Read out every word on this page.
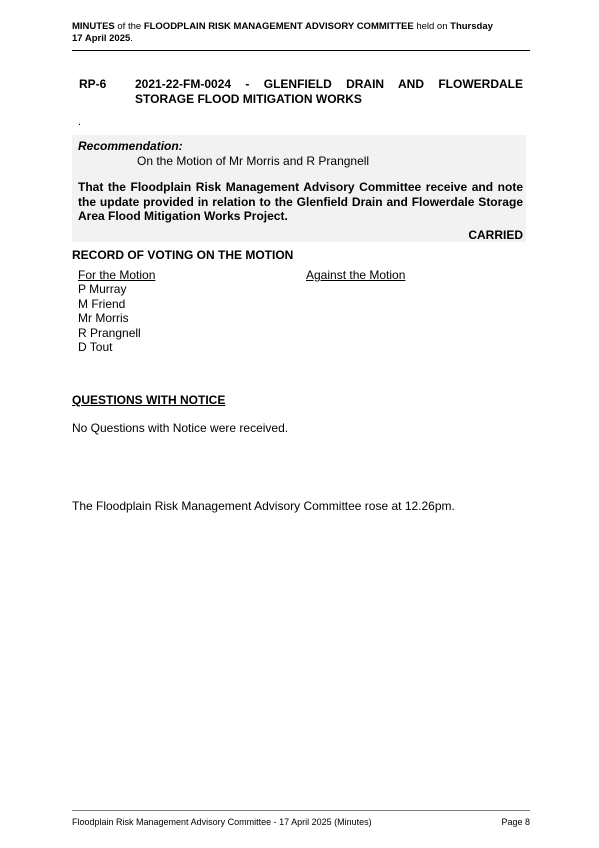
MINUTES of the FLOODPLAIN RISK MANAGEMENT ADVISORY COMMITTEE held on Thursday
17 April 2025.
RP-6 2021-22-FM-0024 - GLENFIELD DRAIN AND FLOWERDALE
STORAGE FLOOD MITIGATION WORKS
.
Recommendation:
On the Motion of Mr Morris and R Prangnell
That the Floodplain Risk Management Advisory Committee receive and note the update provided in relation to the Glenfield Drain and Flowerdale Storage Area Flood Mitigation Works Project.
CARRIED
RECORD OF VOTING ON THE MOTION
For the Motion	Against the Motion
P Murray
M Friend
Mr Morris
R Prangnell
D Tout
QUESTIONS WITH NOTICE
No Questions with Notice were received.
The Floodplain Risk Management Advisory Committee rose at 12.26pm.
Floodplain Risk Management Advisory Committee - 17 April 2025 (Minutes)	Page 8
